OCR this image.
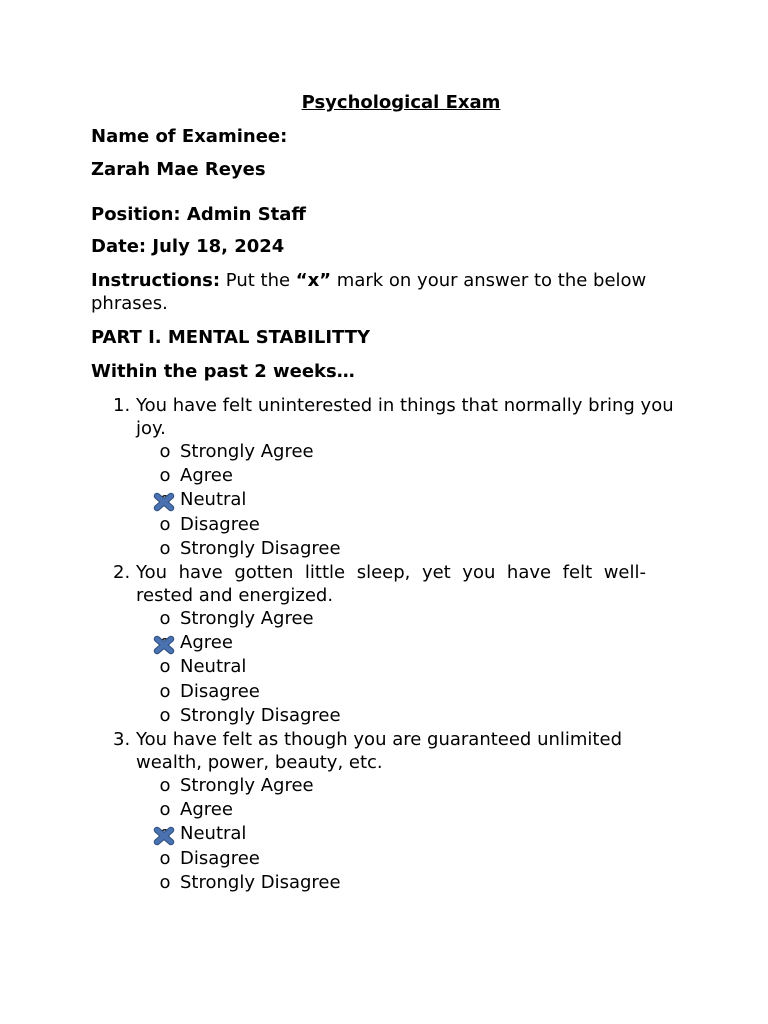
Psychological Exam
Name of Examinee:
Zarah Mae Reyes
Position: Admin Staff
Date: July 18, 2024
Instructions: Put the “x” mark on your answer to the below phrases.
PART I. MENTAL STABILITTY
Within the past 2 weeks…
1. You have felt uninterested in things that normally bring you joy.
o Strongly Agree
o Agree
Neutral
o Disagree
o Strongly Disagree
2. You have gotten little sleep, yet you have felt well-rested and energized.
o Strongly Agree
Agree
o Neutral
o Disagree
o Strongly Disagree
3. You have felt as though you are guaranteed unlimited wealth, power, beauty, etc.
o Strongly Agree
o Agree
Neutral
o Disagree
o Strongly Disagree
